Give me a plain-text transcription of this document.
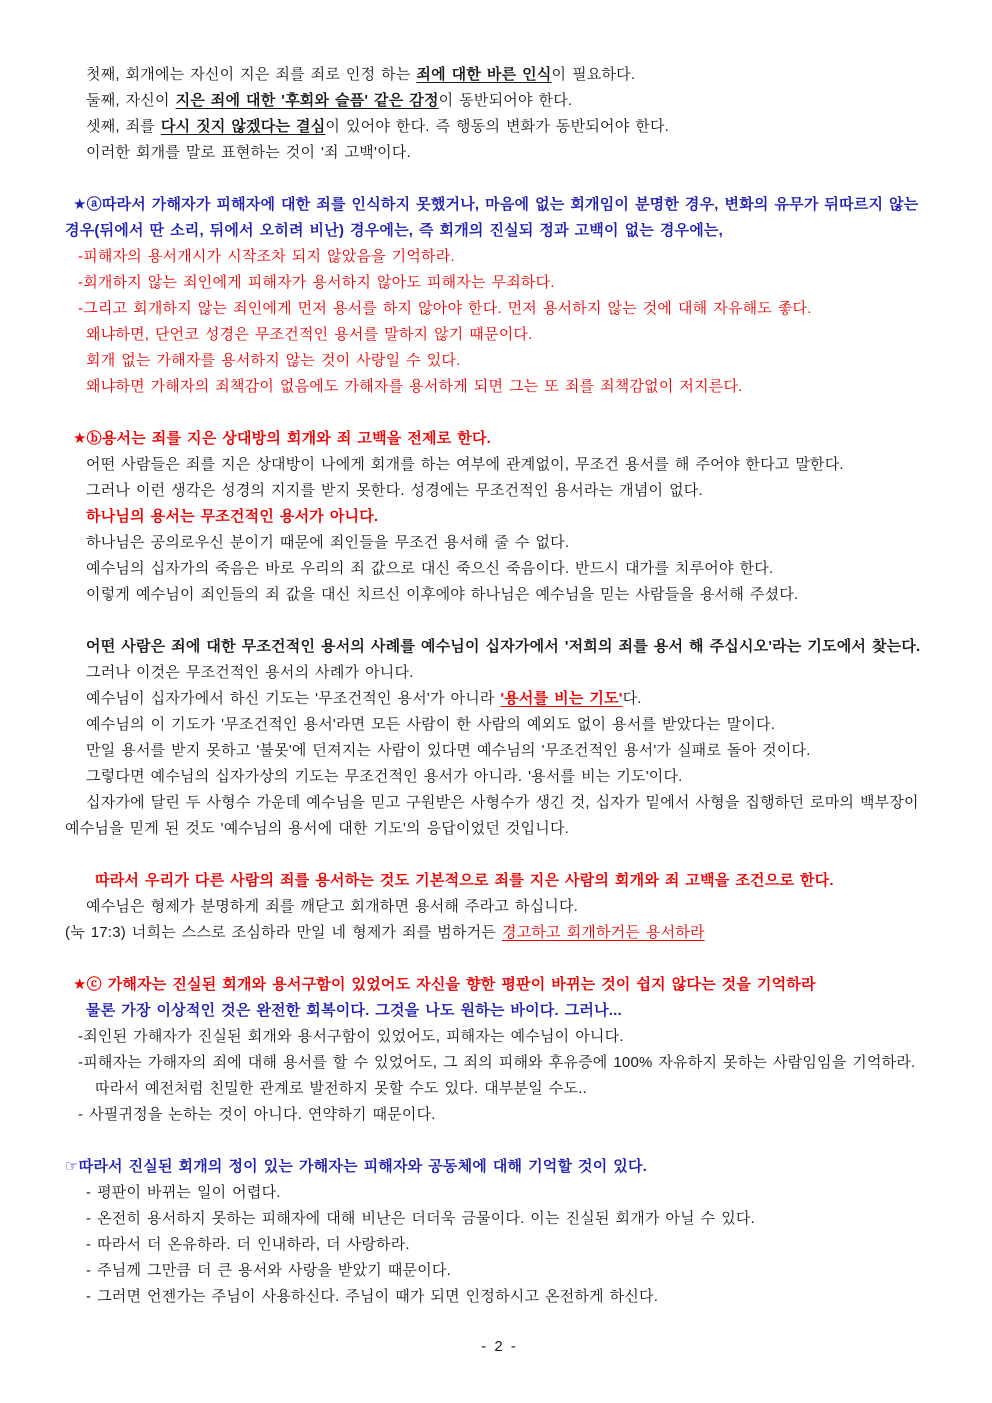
첫째, 회개에는 자신이 지은 죄를 죄로 인정 하는 죄에 대한 바른 인식이 필요하다.
둘째, 자신이 지은 죄에 대한 '후회와 슬픔' 같은 감정이 동반되어야 한다.
셋째, 죄를 다시 짓지 않겠다는 결심이 있어야 한다. 즉 행동의 변화가 동반되어야 한다.
이러한 회개를 말로 표현하는 것이 '죄 고백'이다.
★ⓐ따라서 가해자가 피해자에 대한 죄를 인식하지 못했거나, 마음에 없는 회개임이 분명한 경우, 변화의 유무가 뒤따르지 않는 경우(뒤에서 딴 소리, 뒤에서 오히려 비난) 경우에는, 즉 회개의 진실되 정과 고백이 없는 경우에는,
-피해자의 용서개시가 시작조차 되지 않았음을 기억하라.
-회개하지 않는 죄인에게 피해자가 용서하지 않아도 피해자는 무죄하다.
-그리고 회개하지 않는 죄인에게 먼저 용서를 하지 않아야 한다. 먼저 용서하지 않는 것에 대해 자유해도 좋다.
왜냐하면, 단언코 성경은 무조건적인 용서를 말하지 않기 때문이다.
회개 없는 가해자를 용서하지 않는 것이 사랑일 수 있다.
왜냐하면 가해자의 죄책감이 없음에도 가해자를 용서하게 되면 그는 또 죄를 죄책감없이 저지른다.
★ⓑ용서는 죄를 지은 상대방의 회개와 죄 고백을 전제로 한다.
어떤 사람들은 죄를 지은 상대방이 나에게 회개를 하는 여부에 관계없이, 무조건 용서를 해 주어야 한다고 말한다.
그러나 이런 생각은 성경의 지지를 받지 못한다. 성경에는 무조건적인 용서라는 개념이 없다.
하나님의 용서는 무조건적인 용서가 아니다.
하나님은 공의로우신 분이기 때문에 죄인들을 무조건 용서해 줄 수 없다.
예수님의 십자가의 죽음은 바로 우리의 죄 값으로 대신 죽으신 죽음이다. 반드시 대가를 치루어야 한다.
이렇게 예수님이 죄인들의 죄 값을 대신 치르신 이후에야 하나님은 예수님을 믿는 사람들을 용서해 주셨다.
어떤 사람은 죄에 대한 무조건적인 용서의 사례를 예수님이 십자가에서 '저희의 죄를 용서 해 주십시오'라는 기도에서 찾는다.
그러나 이것은 무조건적인 용서의 사례가 아니다.
예수님이 십자가에서 하신 기도는 '무조건적인 용서'가 아니라 '용서를 비는 기도'다.
예수님의 이 기도가 '무조건적인 용서'라면 모든 사람이 한 사람의 예외도 없이 용서를 받았다는 말이다.
만일 용서를 받지 못하고 '불못'에 던져지는 사람이 있다면 예수님의 '무조건적인 용서'가 실패로 돌아 것이다.
그렇다면 예수님의 십자가상의 기도는 무조건적인 용서가 아니라. '용서를 비는 기도'이다.
십자가에 달린 두 사형수 가운데 예수님을 믿고 구원받은 사형수가 생긴 것, 십자가 밑에서 사형을 집행하던 로마의 백부장이 예수님을 믿게 된 것도 '예수님의 용서에 대한 기도'의 응답이었던 것입니다.
따라서 우리가 다른 사람의 죄를 용서하는 것도 기본적으로 죄를 지은 사람의 회개와 죄 고백을 조건으로 한다.
예수님은 형제가 분명하게 죄를 깨닫고 회개하면 용서해 주라고 하십니다.
(눅 17:3) 너희는 스스로 조심하라 만일 네 형제가 죄를 범하거든 경고하고 회개하거든 용서하라
★ⓒ 가해자는 진실된 회개와 용서구함이 있었어도 자신을 향한 평판이 바뀌는 것이 쉽지 않다는 것을 기억하라
물론 가장 이상적인 것은 완전한 회복이다. 그것을 나도 원하는 바이다. 그러나...
-죄인된 가해자가 진실된 회개와 용서구함이 있었어도, 피해자는 예수님이 아니다.
-피해자는 가해자의 죄에 대해 용서를 할 수 있었어도, 그 죄의 피해와 후유증에 100% 자유하지 못하는 사람임임을 기억하라.
따라서 예전처럼 친밀한 관계로 발전하지 못할 수도 있다. 대부분일 수도..
- 사필귀정을 논하는 것이 아니다. 연약하기 때문이다.
☞따라서 진실된 회개의 정이 있는 가해자는 피해자와 공동체에 대해 기억할 것이 있다.
- 평판이 바뀌는 일이 어렵다.
- 온전히 용서하지 못하는 피해자에 대해 비난은 더더욱 금물이다. 이는 진실된 회개가 아닐 수 있다.
- 따라서 더 온유하라. 더 인내하라, 더 사랑하라.
- 주님께 그만큼 더 큰 용서와 사랑을 받았기 때문이다.
- 그러면 언젠가는 주님이 사용하신다. 주님이 때가 되면 인정하시고 온전하게 하신다.
- 2 -
